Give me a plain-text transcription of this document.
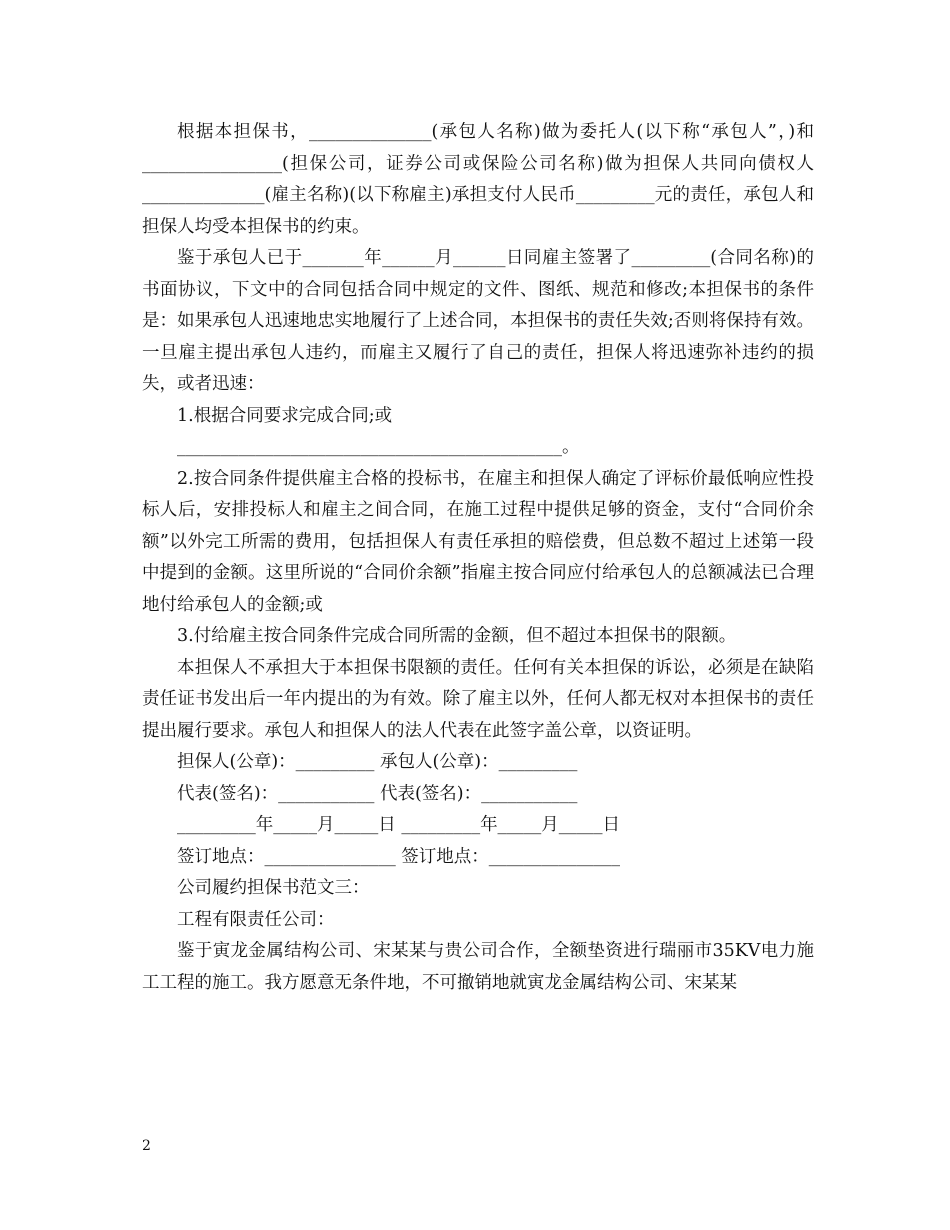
根据本担保书，______________(承包人名称)做为委托人(以下称“承包人”，)和________________(担保公司，证券公司或保险公司名称)做为担保人共同向债权人______________(雇主名称)(以下称雇主)承担支付人民币_________元的责任，承包人和担保人均受本担保书的约束。

鉴于承包人已于_______年______月______日同雇主签署了_________(合同名称)的书面协议，下文中的合同包括合同中规定的文件、图纸、规范和修改;本担保书的条件是：如果承包人迅速地忠实地履行了上述合同，本担保书的责任失效;否则将保持有效。一旦雇主提出承包人违约，而雇主又履行了自己的责任，担保人将迅速弥补违约的损失，或者迅速：

1.根据合同要求完成合同;或

____________________________________________。

2.按合同条件提供雇主合格的投标书，在雇主和担保人确定了评标价最低响应性投标人后，安排投标人和雇主之间合同，在施工过程中提供足够的资金，支付“合同价余额”以外完工所需的费用，包括担保人有责任承担的赔偿费，但总数不超过上述第一段中提到的金额。这里所说的“合同价余额”指雇主按合同应付给承包人的总额减法已合理地付给承包人的金额;或

3.付给雇主按合同条件完成合同所需的金额，但不超过本担保书的限额。

本担保人不承担大于本担保书限额的责任。任何有关本担保的诉讼，必须是在缺陷责任证书发出后一年内提出的为有效。除了雇主以外，任何人都无权对本担保书的责任提出履行要求。承包人和担保人的法人代表在此签字盖公章，以资证明。

担保人(公章)：_________ 承包人(公章)：_________

代表(签名)：___________ 代表(签名)：___________

_________年_____月_____日 _________年_____月_____日

签订地点：_______________ 签订地点：_______________

公司履约担保书范文三：

工程有限责任公司：

鉴于寅龙金属结构公司、宋某某与贵公司合作，全额垫资进行瑞丽市35KV电力施工工程的施工。我方愿意无条件地，不可撤销地就寅龙金属结构公司、宋某某

2
